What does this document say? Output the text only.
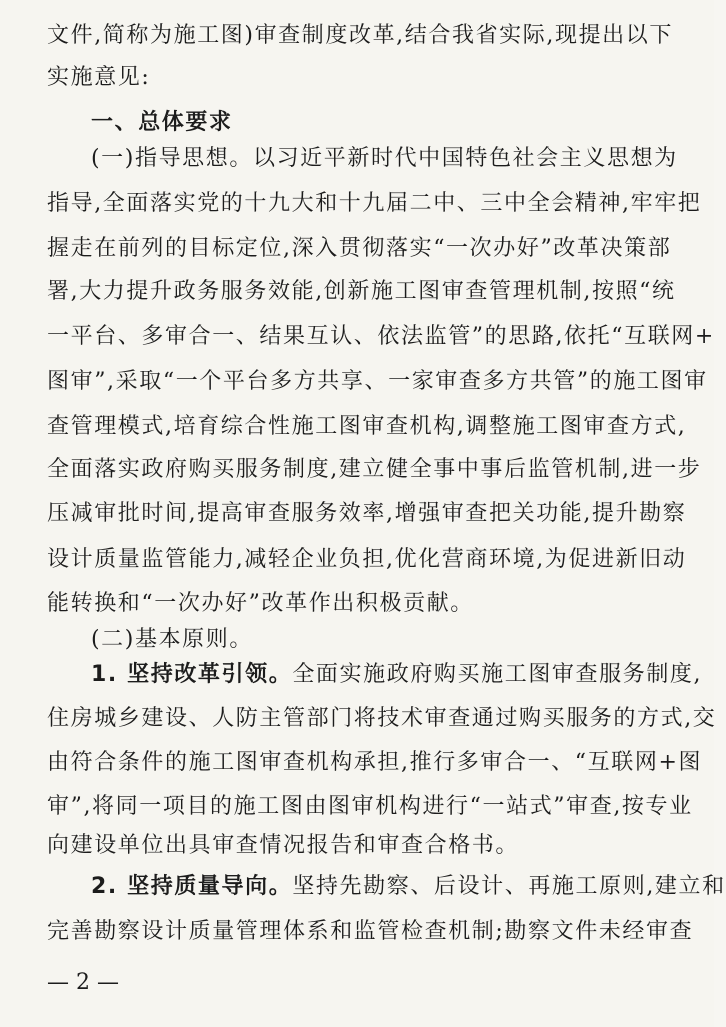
文件,简称为施工图)审查制度改革,结合我省实际,现提出以下
实施意见:
一、总体要求
(一)指导思想。以习近平新时代中国特色社会主义思想为
指导,全面落实党的十九大和十九届二中、三中全会精神,牢牢把
握走在前列的目标定位,深入贯彻落实“一次办好”改革决策部
署,大力提升政务服务效能,创新施工图审查管理机制,按照“统
一平台、多审合一、结果互认、依法监管”的思路,依托“互联网+
图审”,采取“一个平台多方共享、一家审查多方共管”的施工图审
查管理模式,培育综合性施工图审查机构,调整施工图审查方式,
全面落实政府购买服务制度,建立健全事中事后监管机制,进一步
压减审批时间,提高审查服务效率,增强审查把关功能,提升勘察
设计质量监管能力,减轻企业负担,优化营商环境,为促进新旧动
能转换和“一次办好”改革作出积极贡献。
(二)基本原则。
1. 坚持改革引领。全面实施政府购买施工图审查服务制度,
住房城乡建设、人防主管部门将技术审查通过购买服务的方式,交
由符合条件的施工图审查机构承担,推行多审合一、“互联网+图
审”,将同一项目的施工图由图审机构进行“一站式”审查,按专业
2. 坚持质量导向。坚持先勘察、后设计、再施工原则,建立和
完善勘察设计质量管理体系和监管检查机制;勘察文件未经审查
向建设单位出具审查情况报告和审查合格书。
— 2 —
